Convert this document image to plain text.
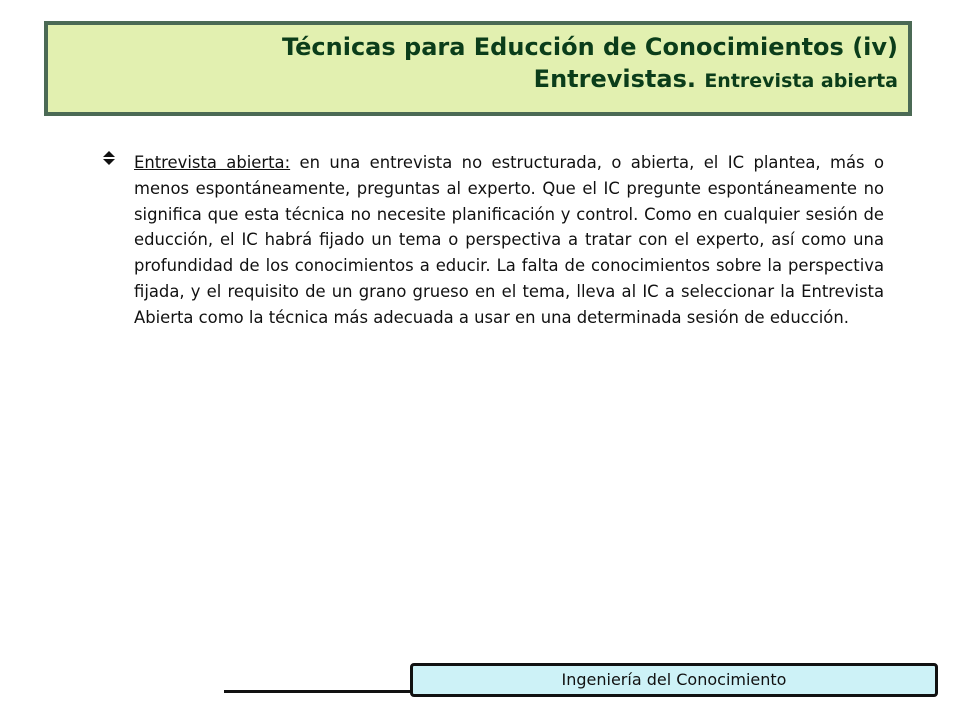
Técnicas para Educción de Conocimientos (iv)
Entrevistas. Entrevista abierta
Entrevista abierta: en una entrevista no estructurada, o abierta, el IC plantea, más o menos espontáneamente, preguntas al experto. Que el IC pregunte espontáneamente no significa que esta técnica no necesite planificación y control. Como en cualquier sesión de educción, el IC habrá fijado un tema o perspectiva a tratar con el experto, así como una profundidad de los conocimientos a educir. La falta de conocimientos sobre la perspectiva fijada, y el requisito de un grano grueso en el tema, lleva al IC a seleccionar la Entrevista Abierta como la técnica más adecuada a usar en una determinada sesión de educción.
Ingeniería del Conocimiento
